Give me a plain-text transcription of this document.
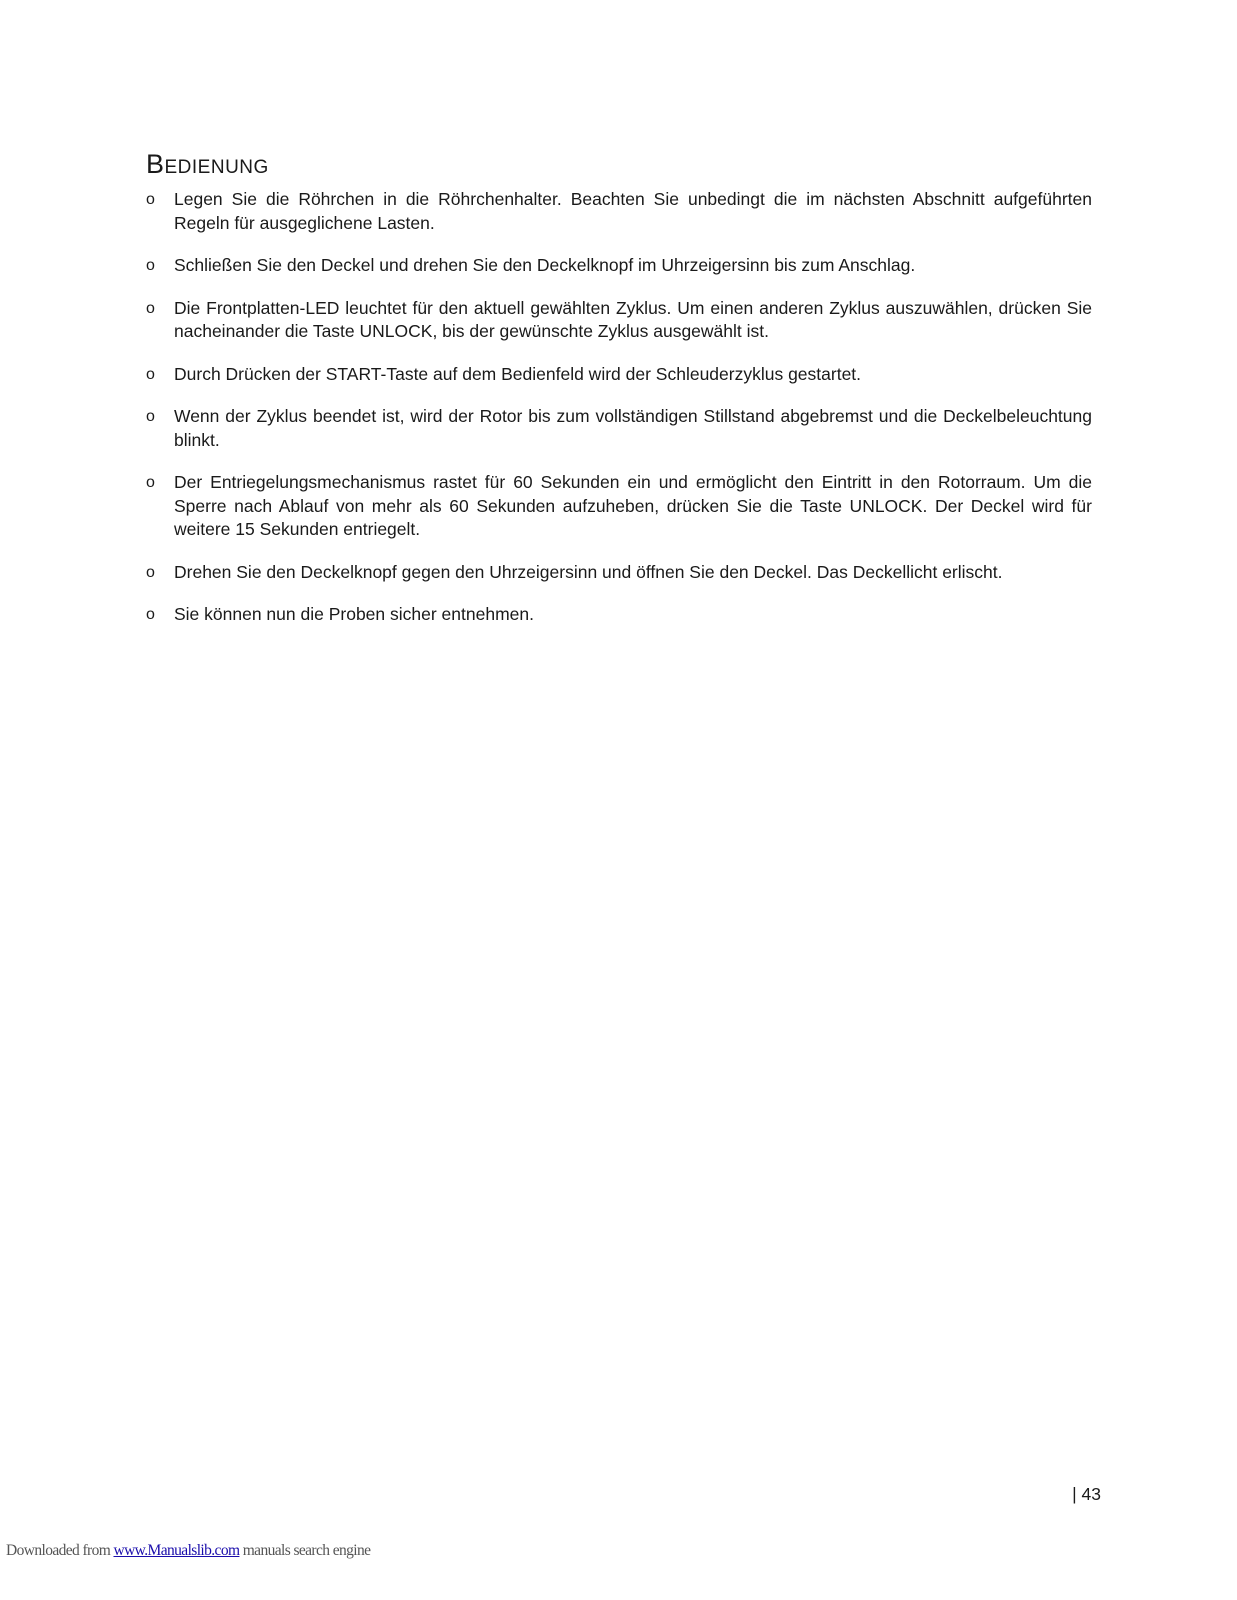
Bedienung
o	Legen Sie die Röhrchen in die Röhrchenhalter. Beachten Sie unbedingt die im nächsten Abschnitt aufgeführten Regeln für ausgeglichene Lasten.
o	Schließen Sie den Deckel und drehen Sie den Deckelknopf im Uhrzeigersinn bis zum Anschlag.
o	Die Frontplatten-LED leuchtet für den aktuell gewählten Zyklus. Um einen anderen Zyklus auszuwählen, drücken Sie nacheinander die Taste UNLOCK, bis der gewünschte Zyklus ausgewählt ist.
o	Durch Drücken der START-Taste auf dem Bedienfeld wird der Schleuderzyklus gestartet.
o	Wenn der Zyklus beendet ist, wird der Rotor bis zum vollständigen Stillstand abgebremst und die Deckelbeleuchtung blinkt.
o	Der Entriegelungsmechanismus rastet für 60 Sekunden ein und ermöglicht den Eintritt in den Rotorraum. Um die Sperre nach Ablauf von mehr als 60 Sekunden aufzuheben, drücken Sie die Taste UNLOCK. Der Deckel wird für weitere 15 Sekunden entriegelt.
o	Drehen Sie den Deckelknopf gegen den Uhrzeigersinn und öffnen Sie den Deckel. Das Deckellicht erlischt.
o	Sie können nun die Proben sicher entnehmen.
| 43
Downloaded from www.Manualslib.com manuals search engine
